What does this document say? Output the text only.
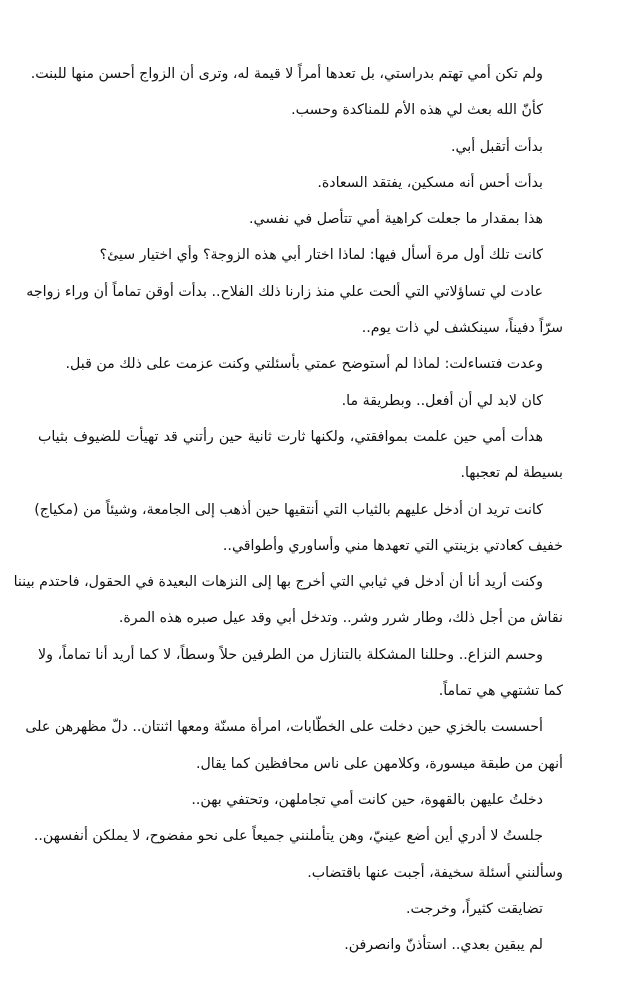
ولم تكن أمي تهتم بدراستي، بل تعدها أمراً لا قيمة له، وترى أن الزواج أحسن منها للبنت.
كأنّ الله بعث لي هذه الأم للمناكدة وحسب.
بدأت أتقبل أبي.
بدأت أحس أنه مسكين، يفتقد السعادة.
هذا بمقدار ما جعلت كراهية أمي تتأصل في نفسي.
كانت تلك أول مرة أسأل فيها: لماذا اختار أبي هذه الزوجة؟ وأي اختيار سيئ؟
عادت لي تساؤلاتي التي ألحت علي منذ زارنا ذلك الفلاح.. بدأت أوقن تماماً أن وراء زواجه
سرّاً دفيناً، سينكشف لي ذات يوم..
وعدت فتساءلت: لماذا لم أستوضح عمتي بأسئلتي وكنت عزمت على ذلك من قبل.
كان لابد لي أن أفعل.. وبطريقة ما.
هدأت أمي حين علمت بموافقتي، ولكنها ثارت ثانية حين رأتني قد تهيأت للضيوف بثياب
بسيطة لم تعجبها.
كانت تريد ان أدخل عليهم بالثياب التي أنتقيها حين أذهب إلى الجامعة، وشيئاً من (مكياج)
خفيف كعادتي بزينتي التي تعهدها مني وأساوري وأطواقي..
وكنت أريد أنا أن أدخل في ثيابي التي أخرج بها إلى النزهات البعيدة في الحقول، فاحتدم بيننا
نقاش من أجل ذلك، وطار شرر وشر.. وتدخل أبي وقد عيل صبره هذه المرة.
وحسم النزاع.. وحللنا المشكلة بالتنازل من الطرفين حلاً وسطاً، لا كما أريد أنا تماماً، ولا
كما تشتهي هي تماماً.
أحسست بالخزي حين دخلت على الخطّابات، امرأة مسنّة ومعها اثنتان.. دلّ مظهرهن على
أنهن من طبقة ميسورة، وكلامهن على ناس محافظين كما يقال.
دخلتُ عليهن بالقهوة، حين كانت أمي تجاملهن، وتحتفي بهن..
جلستُ لا أدري أين أضع عينيّ، وهن يتأملنني جميعاً على نحو مفضوح، لا يملكن أنفسهن..
وسألنني أسئلة سخيفة، أجبت عنها باقتضاب.
تضايقت كثيراً، وخرجت.
لم يبقين بعدي.. استأذنّ وانصرفن.
